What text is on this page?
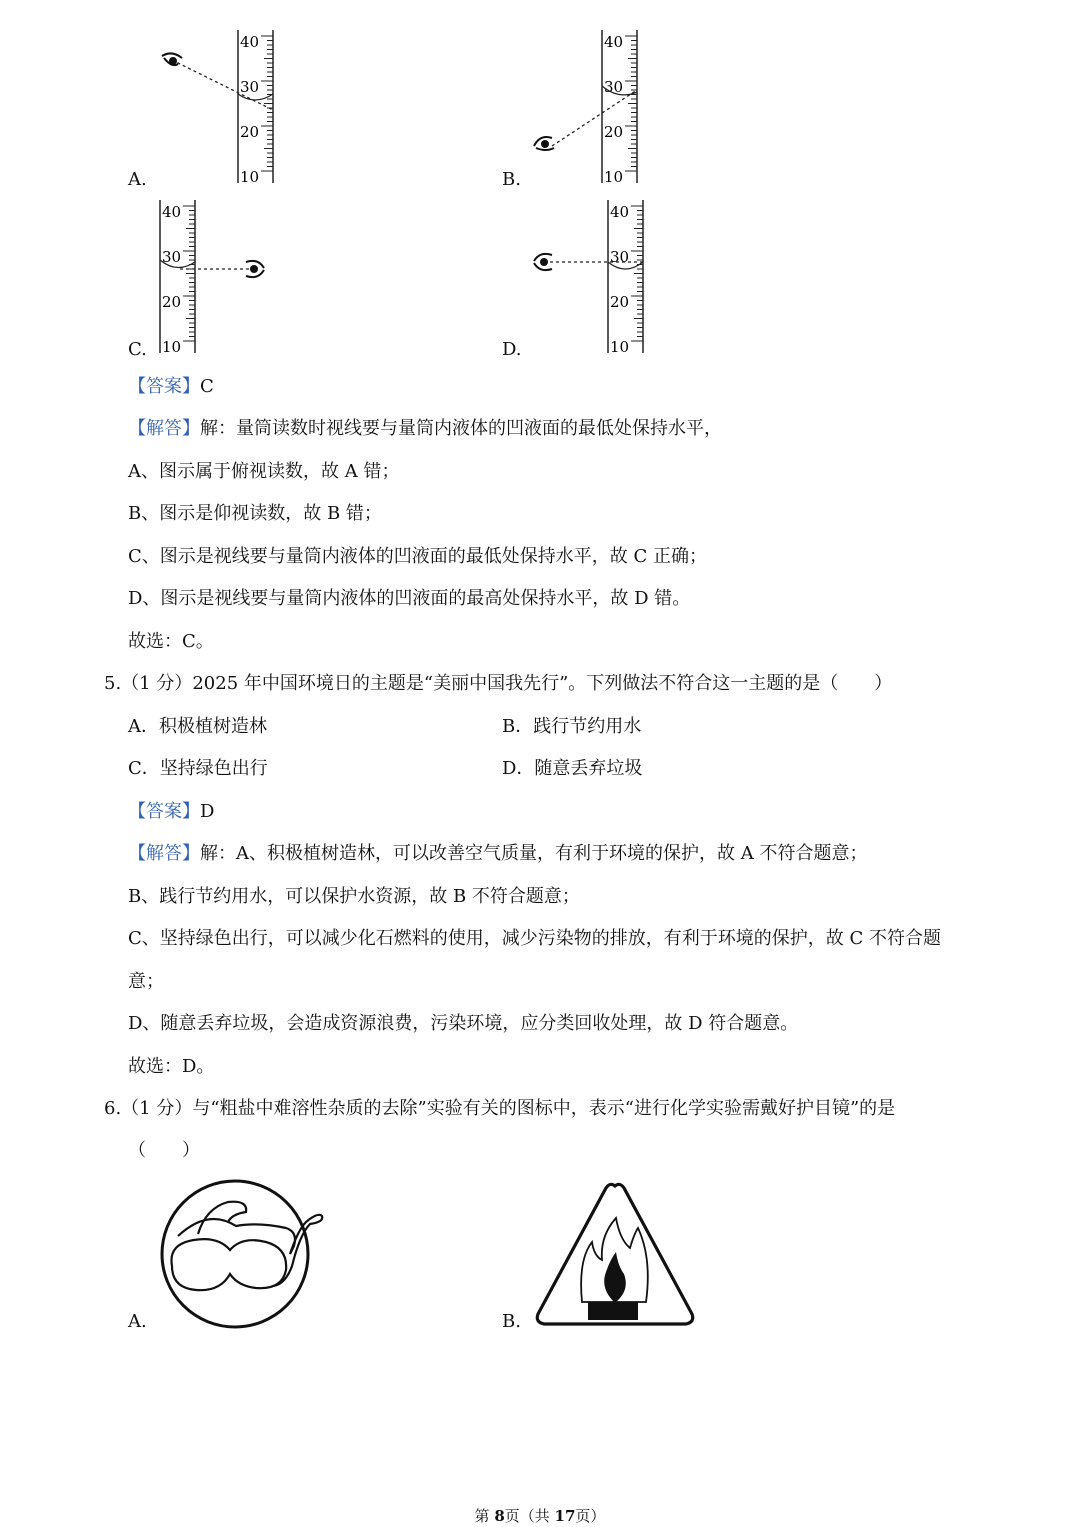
40
30
20
10
A.
40
30
20
10
B.
40
30
20
10
C.
40
30
20
10
D.
【答案】C
【解答】解：量筒读数时视线要与量筒内液体的凹液面的最低处保持水平，
A、图示属于俯视读数，故 A 错；
B、图示是仰视读数，故 B 错；
C、图示是视线要与量筒内液体的凹液面的最低处保持水平，故 C 正确；
D、图示是视线要与量筒内液体的凹液面的最高处保持水平，故 D 错。
故选：C。
5.（1 分）2025 年中国环境日的主题是“美丽中国我先行”。下列做法不符合这一主题的是（　　）
A．积极植树造林	B．践行节约用水
C．坚持绿色出行	D．随意丢弃垃圾
【答案】D
【解答】解：A、积极植树造林，可以改善空气质量，有利于环境的保护，故 A 不符合题意；
B、践行节约用水，可以保护水资源，故 B 不符合题意；
C、坚持绿色出行，可以减少化石燃料的使用，减少污染物的排放，有利于环境的保护，故 C 不符合题
意；
D、随意丢弃垃圾，会造成资源浪费，污染环境，应分类回收处理，故 D 符合题意。
故选：D。
6.（1 分）与“粗盐中难溶性杂质的去除”实验有关的图标中，表示“进行化学实验需戴好护目镜”的是
（　　）
A.	B.
第 8页（共 17页）
